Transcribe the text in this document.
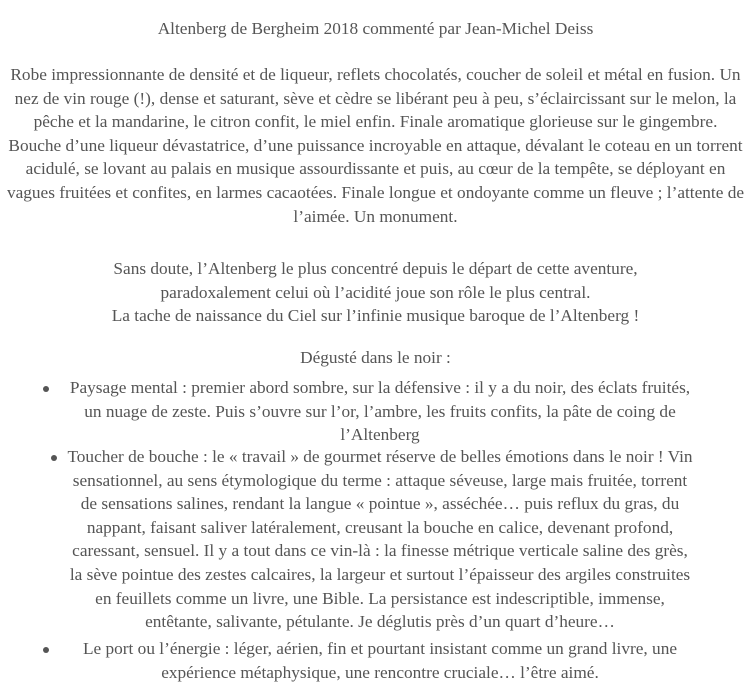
Altenberg de Bergheim 2018 commenté par Jean-Michel Deiss

Robe impressionnante de densité et de liqueur, reflets chocolatés, coucher de soleil et métal en fusion. Un nez de vin rouge (!), dense et saturant, sève et cèdre se libérant peu à peu, s’éclaircissant sur le melon, la pêche et la mandarine, le citron confit, le miel enfin. Finale aromatique glorieuse sur le gingembre. Bouche d’une liqueur dévastatrice, d’une puissance incroyable en attaque, dévalant le coteau en un torrent acidulé, se lovant au palais en musique assourdissante et puis, au cœur de la tempête, se déployant en vagues fruitées et confites, en larmes cacaotées. Finale longue et ondoyante comme un fleuve ; l’attente de l’aimée. Un monument.

Sans doute, l’Altenberg le plus concentré depuis le départ de cette aventure,
paradoxalement celui où l’acidité joue son rôle le plus central.
La tache de naissance du Ciel sur l’infinie musique baroque de l’Altenberg !

Dégusté dans le noir :

Paysage mental : premier abord sombre, sur la défensive : il y a du noir, des éclats fruités, un nuage de zeste. Puis s’ouvre sur l’or, l’ambre, les fruits confits, la pâte de coing de l’Altenberg

Toucher de bouche : le « travail » de gourmet réserve de belles émotions dans le noir ! Vin sensationnel, au sens étymologique du terme : attaque séveuse, large mais fruitée, torrent de sensations salines, rendant la langue « pointue », asséchée… puis reflux du gras, du nappant, faisant saliver latéralement, creusant la bouche en calice, devenant profond, caressant, sensuel. Il y a tout dans ce vin-là : la finesse métrique verticale saline des grès, la sève pointue des zestes calcaires, la largeur et surtout l’épaisseur des argiles construites en feuillets comme un livre, une Bible. La persistance est indescriptible, immense, entêtante, salivante, pétulante. Je déglutis près d’un quart d’heure…

Le port ou l’énergie : léger, aérien, fin et pourtant insistant comme un grand livre, une expérience métaphysique, une rencontre cruciale… l’être aimé.
